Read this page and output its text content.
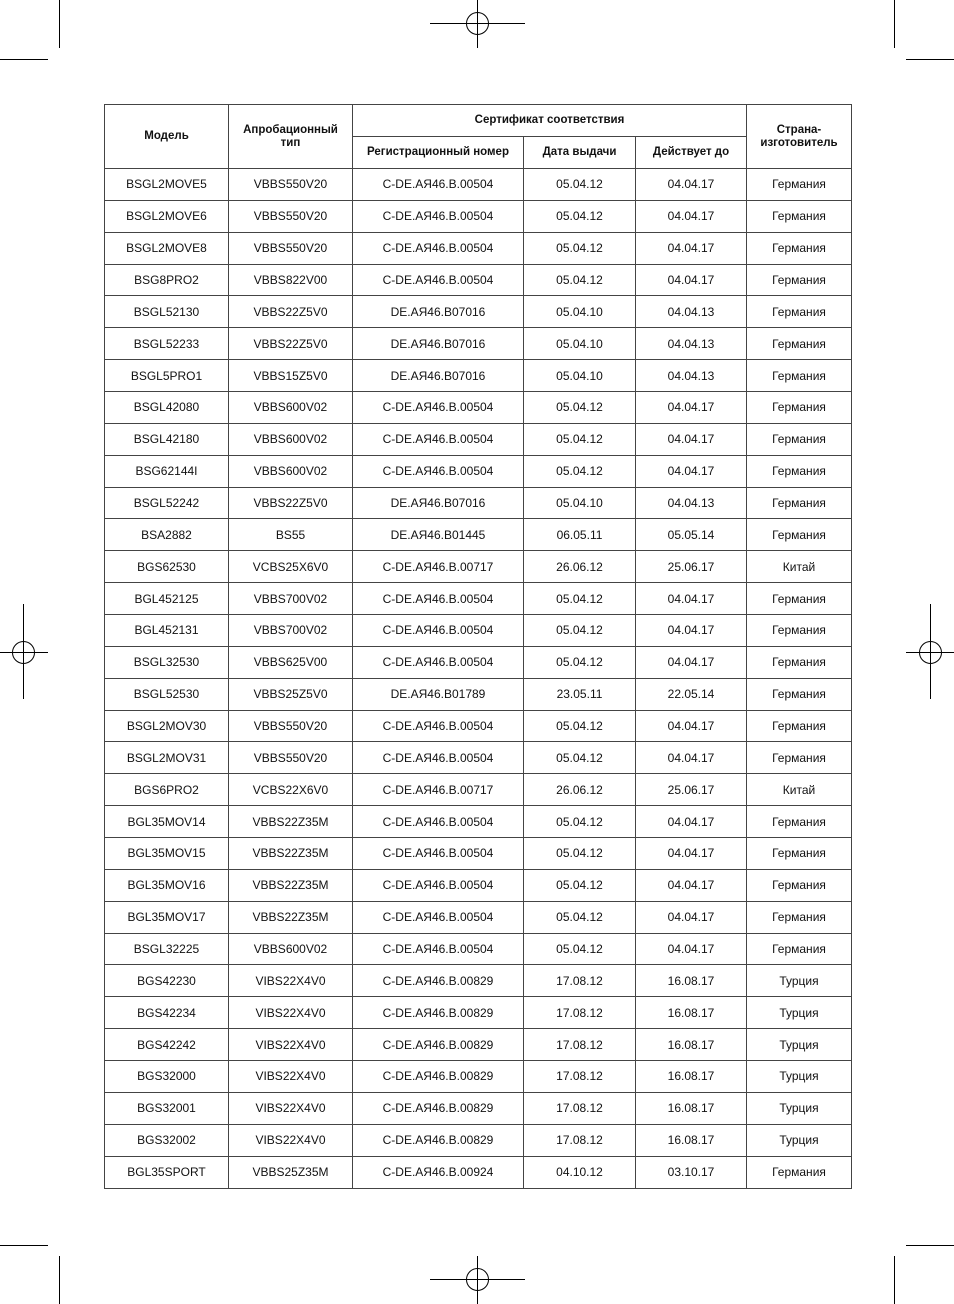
Модель	Апробационный тип	Сертификат соответствия			Страна-изготовитель
		Регистрационный номер	Дата выдачи	Действует до	
BSGL2MOVE5	VBBS550V20	C-DE.АЯ46.B.00504	05.04.12	04.04.17	Германия
BSGL2MOVE6	VBBS550V20	C-DE.АЯ46.B.00504	05.04.12	04.04.17	Германия
BSGL2MOVE8	VBBS550V20	C-DE.АЯ46.B.00504	05.04.12	04.04.17	Германия
BSG8PRO2	VBBS822V00	C-DE.АЯ46.B.00504	05.04.12	04.04.17	Германия
BSGL52130	VBBS22Z5V0	DE.АЯ46.B07016	05.04.10	04.04.13	Германия
BSGL52233	VBBS22Z5V0	DE.АЯ46.B07016	05.04.10	04.04.13	Германия
BSGL5PRO1	VBBS15Z5V0	DE.АЯ46.B07016	05.04.10	04.04.13	Германия
BSGL42080	VBBS600V02	C-DE.АЯ46.B.00504	05.04.12	04.04.17	Германия
BSGL42180	VBBS600V02	C-DE.АЯ46.B.00504	05.04.12	04.04.17	Германия
BSG62144I	VBBS600V02	C-DE.АЯ46.B.00504	05.04.12	04.04.17	Германия
BSGL52242	VBBS22Z5V0	DE.АЯ46.B07016	05.04.10	04.04.13	Германия
BSA2882	BS55	DE.АЯ46.B01445	06.05.11	05.05.14	Германия
BGS62530	VCBS25X6V0	C-DE.АЯ46.B.00717	26.06.12	25.06.17	Китай
BGL452125	VBBS700V02	C-DE.АЯ46.B.00504	05.04.12	04.04.17	Германия
BGL452131	VBBS700V02	C-DE.АЯ46.B.00504	05.04.12	04.04.17	Германия
BSGL32530	VBBS625V00	C-DE.АЯ46.B.00504	05.04.12	04.04.17	Германия
BSGL52530	VBBS25Z5V0	DE.АЯ46.B01789	23.05.11	22.05.14	Германия
BSGL2MOV30	VBBS550V20	C-DE.АЯ46.B.00504	05.04.12	04.04.17	Германия
BSGL2MOV31	VBBS550V20	C-DE.АЯ46.B.00504	05.04.12	04.04.17	Германия
BGS6PRO2	VCBS22X6V0	C-DE.АЯ46.B.00717	26.06.12	25.06.17	Китай
BGL35MOV14	VBBS22Z35M	C-DE.АЯ46.B.00504	05.04.12	04.04.17	Германия
BGL35MOV15	VBBS22Z35M	C-DE.АЯ46.B.00504	05.04.12	04.04.17	Германия
BGL35MOV16	VBBS22Z35M	C-DE.АЯ46.B.00504	05.04.12	04.04.17	Германия
BGL35MOV17	VBBS22Z35M	C-DE.АЯ46.B.00504	05.04.12	04.04.17	Германия
BSGL32225	VBBS600V02	C-DE.АЯ46.B.00504	05.04.12	04.04.17	Германия
BGS42230	VIBS22X4V0	C-DE.АЯ46.B.00829	17.08.12	16.08.17	Турция
BGS42234	VIBS22X4V0	C-DE.АЯ46.B.00829	17.08.12	16.08.17	Турция
BGS42242	VIBS22X4V0	C-DE.АЯ46.B.00829	17.08.12	16.08.17	Турция
BGS32000	VIBS22X4V0	C-DE.АЯ46.B.00829	17.08.12	16.08.17	Турция
BGS32001	VIBS22X4V0	C-DE.АЯ46.B.00829	17.08.12	16.08.17	Турция
BGS32002	VIBS22X4V0	C-DE.АЯ46.B.00829	17.08.12	16.08.17	Турция
BGL35SPORT	VBBS25Z35M	C-DE.АЯ46.B.00924	04.10.12	03.10.17	Германия
